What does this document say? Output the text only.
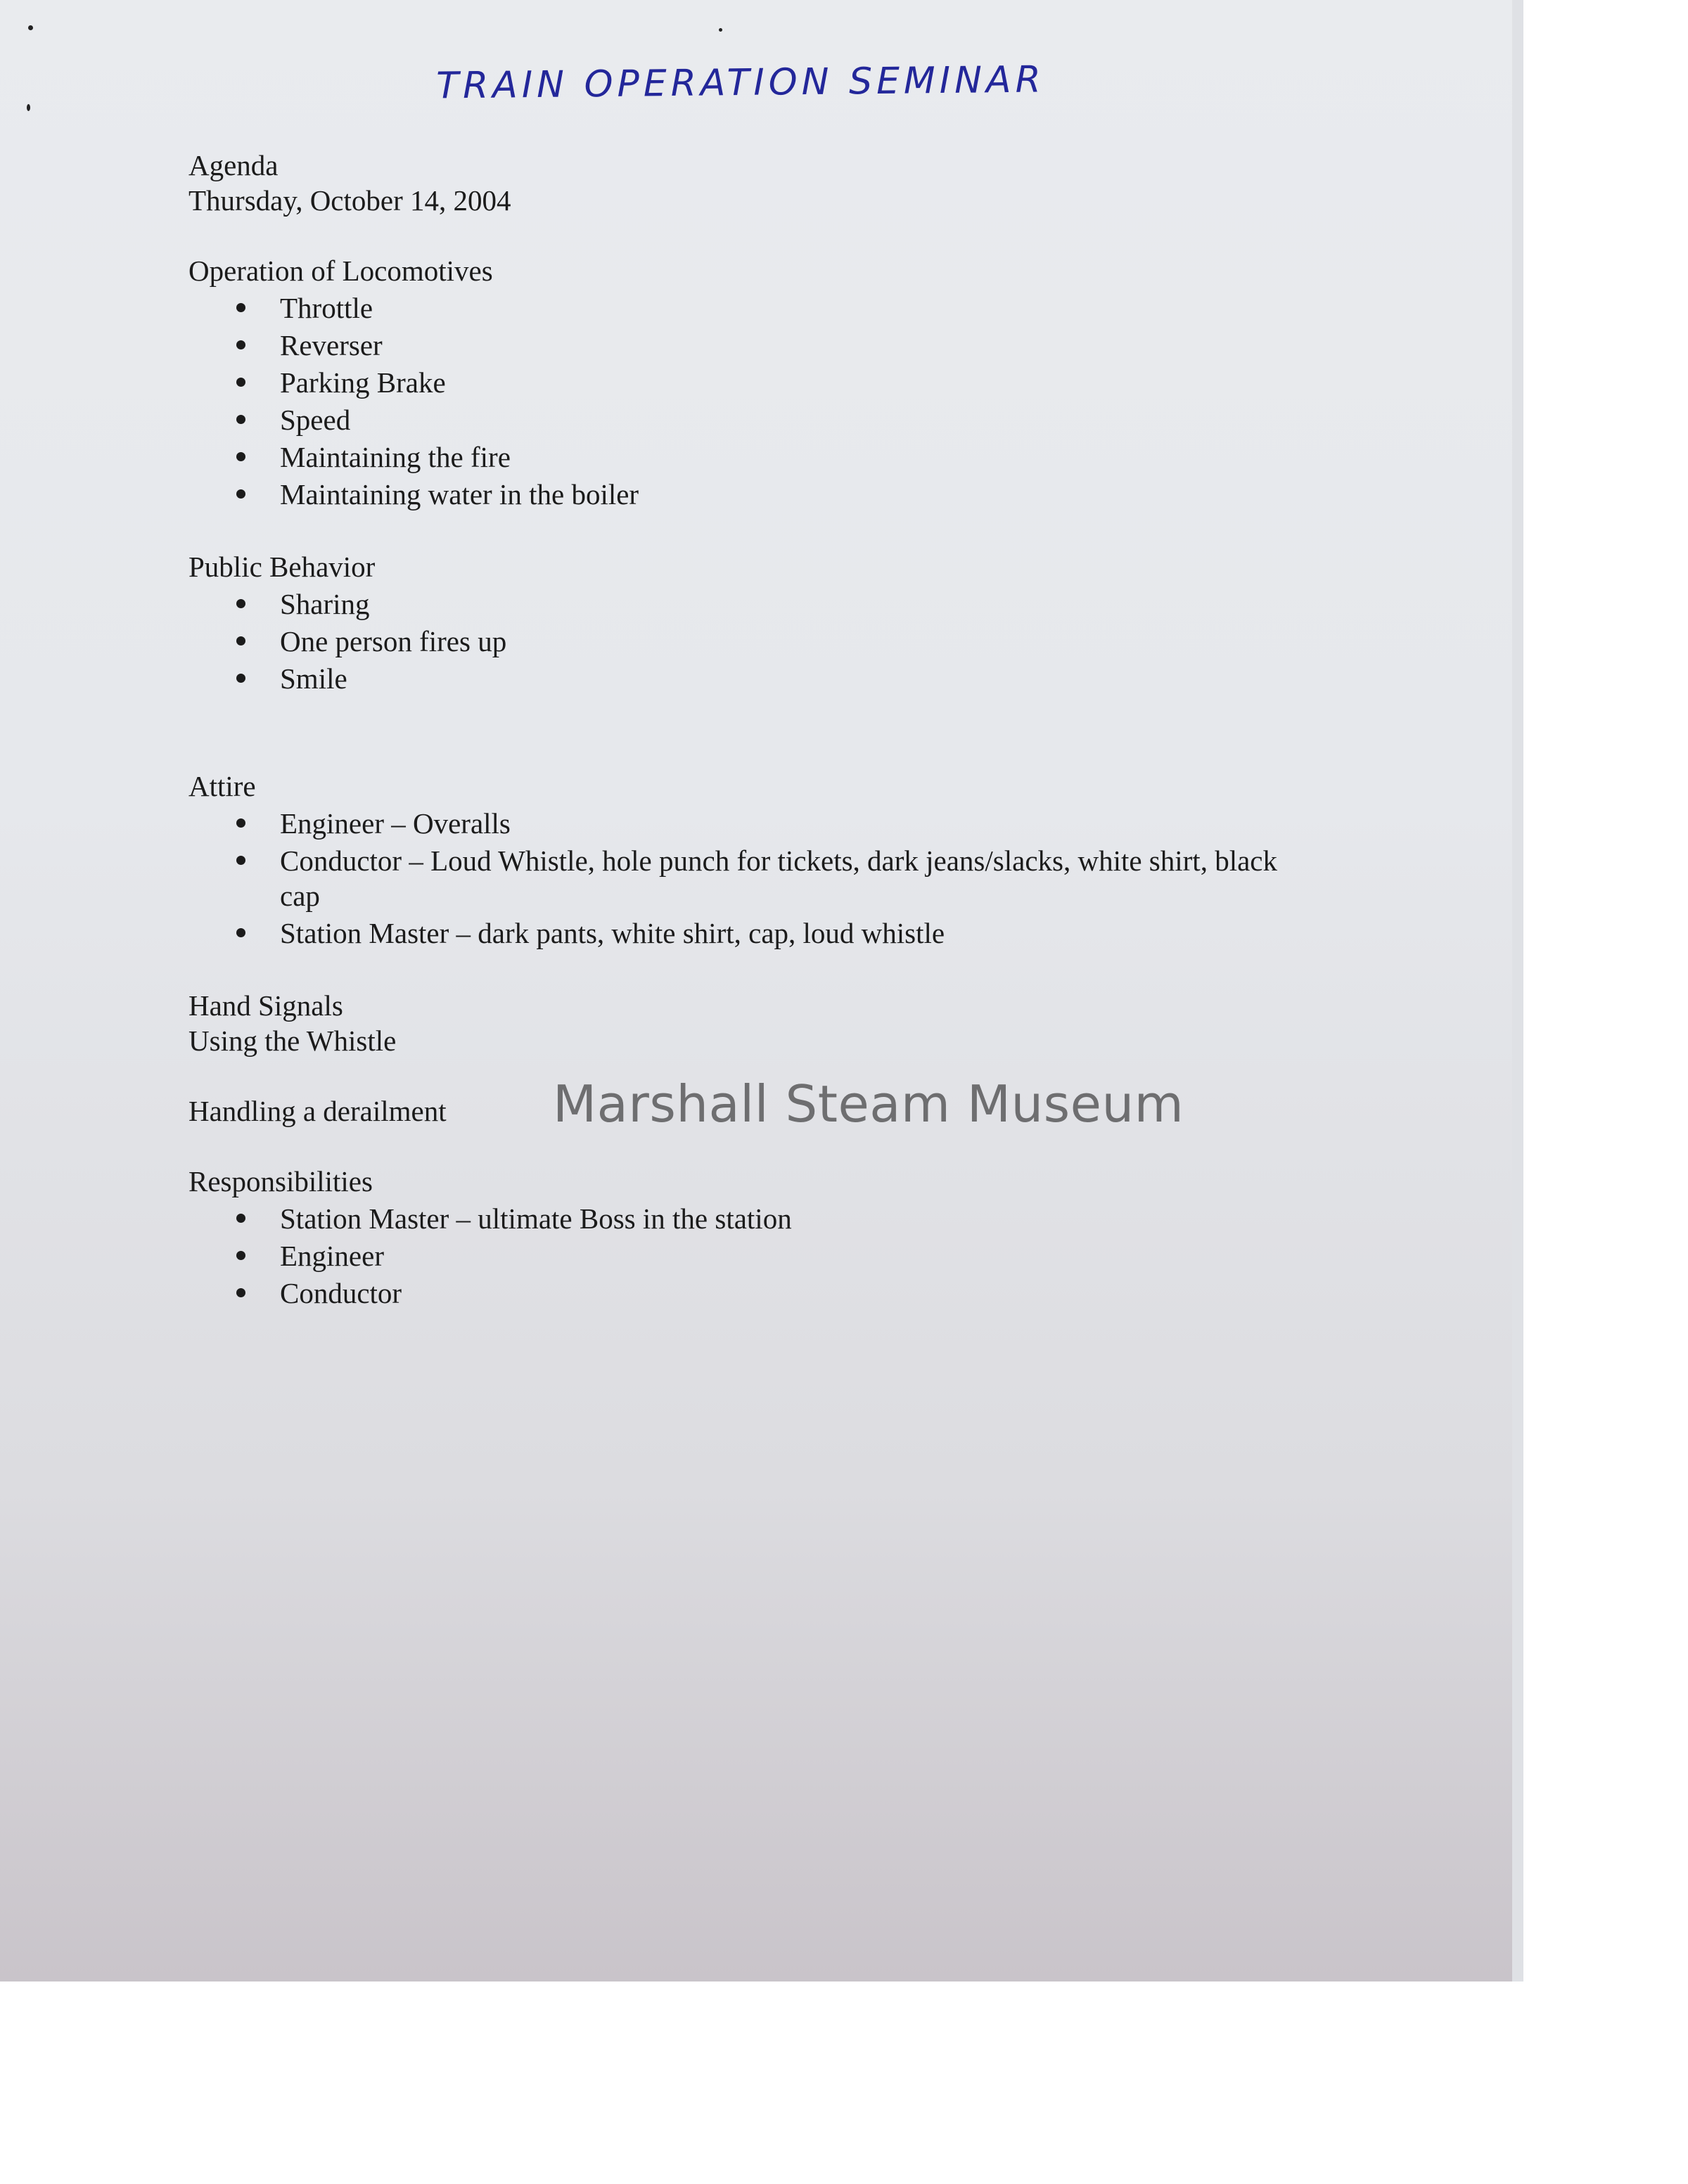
TRAIN OPERATION SEMINAR
Agenda
Thursday, October 14, 2004
Operation of Locomotives
Throttle
Reverser
Parking Brake
Speed
Maintaining the fire
Maintaining water in the boiler
Public Behavior
Sharing
One person fires up
Smile
Attire
Engineer – Overalls
Conductor – Loud Whistle, hole punch for tickets, dark jeans/slacks, white shirt, black cap
Station Master – dark pants, white shirt, cap, loud whistle
Hand Signals
Using the Whistle
Handling a derailment
Responsibilities
Station Master – ultimate Boss in the station
Engineer
Conductor
Marshall Steam Museum
